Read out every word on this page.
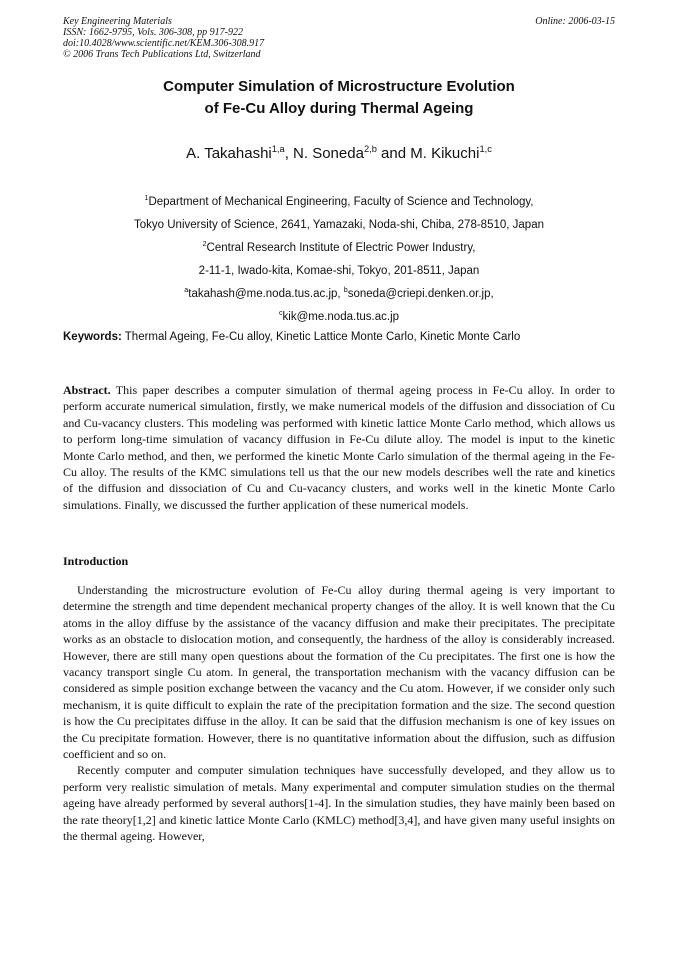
Key Engineering Materials
ISSN: 1662-9795, Vols. 306-308, pp 917-922
doi:10.4028/www.scientific.net/KEM.306-308.917
© 2006 Trans Tech Publications Ltd, Switzerland
Online: 2006-03-15
Computer Simulation of Microstructure Evolution
of Fe-Cu Alloy during Thermal Ageing
A. Takahashi$^{1,a}$, N. Soneda$^{2,b}$ and M. Kikuchi$^{1,c}$
$^1$Department of Mechanical Engineering, Faculty of Science and Technology,
Tokyo University of Science, 2641, Yamazaki, Noda-shi, Chiba, 278-8510, Japan
$^2$Central Research Institute of Electric Power Industry,
2-11-1, Iwado-kita, Komae-shi, Tokyo, 201-8511, Japan
$^a$takahash@me.noda.tus.ac.jp, $^b$soneda@criepi.denken.or.jp,
$^c$kik@me.noda.tus.ac.jp
Keywords: Thermal Ageing, Fe-Cu alloy, Kinetic Lattice Monte Carlo, Kinetic Monte Carlo
Abstract. This paper describes a computer simulation of thermal ageing process in Fe-Cu alloy. In order to perform accurate numerical simulation, firstly, we make numerical models of the diffusion and dissociation of Cu and Cu-vacancy clusters. This modeling was performed with kinetic lattice Monte Carlo method, which allows us to perform long-time simulation of vacancy diffusion in Fe-Cu dilute alloy. The model is input to the kinetic Monte Carlo method, and then, we performed the kinetic Monte Carlo simulation of the thermal ageing in the Fe-Cu alloy. The results of the KMC simulations tell us that the our new models describes well the rate and kinetics of the diffusion and dissociation of Cu and Cu-vacancy clusters, and works well in the kinetic Monte Carlo simulations. Finally, we discussed the further application of these numerical models.
Introduction

Understanding the microstructure evolution of Fe-Cu alloy during thermal ageing is very important to determine the strength and time dependent mechanical property changes of the alloy. It is well known that the Cu atoms in the alloy diffuse by the assistance of the vacancy diffusion and make their precipitates. The precipitate works as an obstacle to dislocation motion, and consequently, the hardness of the alloy is considerably increased. However, there are still many open questions about the formation of the Cu precipitates. The first one is how the vacancy transport single Cu atom. In general, the transportation mechanism with the vacancy diffusion can be considered as simple position exchange between the vacancy and the Cu atom. However, if we consider only such mechanism, it is quite difficult to explain the rate of the precipitation formation and the size. The second question is how the Cu precipitates diffuse in the alloy. It can be said that the diffusion mechanism is one of key issues on the Cu precipitate formation. However, there is no quantitative information about the diffusion, such as diffusion coefficient and so on.

Recently computer and computer simulation techniques have successfully developed, and they allow us to perform very realistic simulation of metals. Many experimental and computer simulation studies on the thermal ageing have already performed by several authors[1-4]. In the simulation studies, they have mainly been based on the rate theory[1,2] and kinetic lattice Monte Carlo (KMLC) method[3,4], and have given many useful insights on the thermal ageing. However,
